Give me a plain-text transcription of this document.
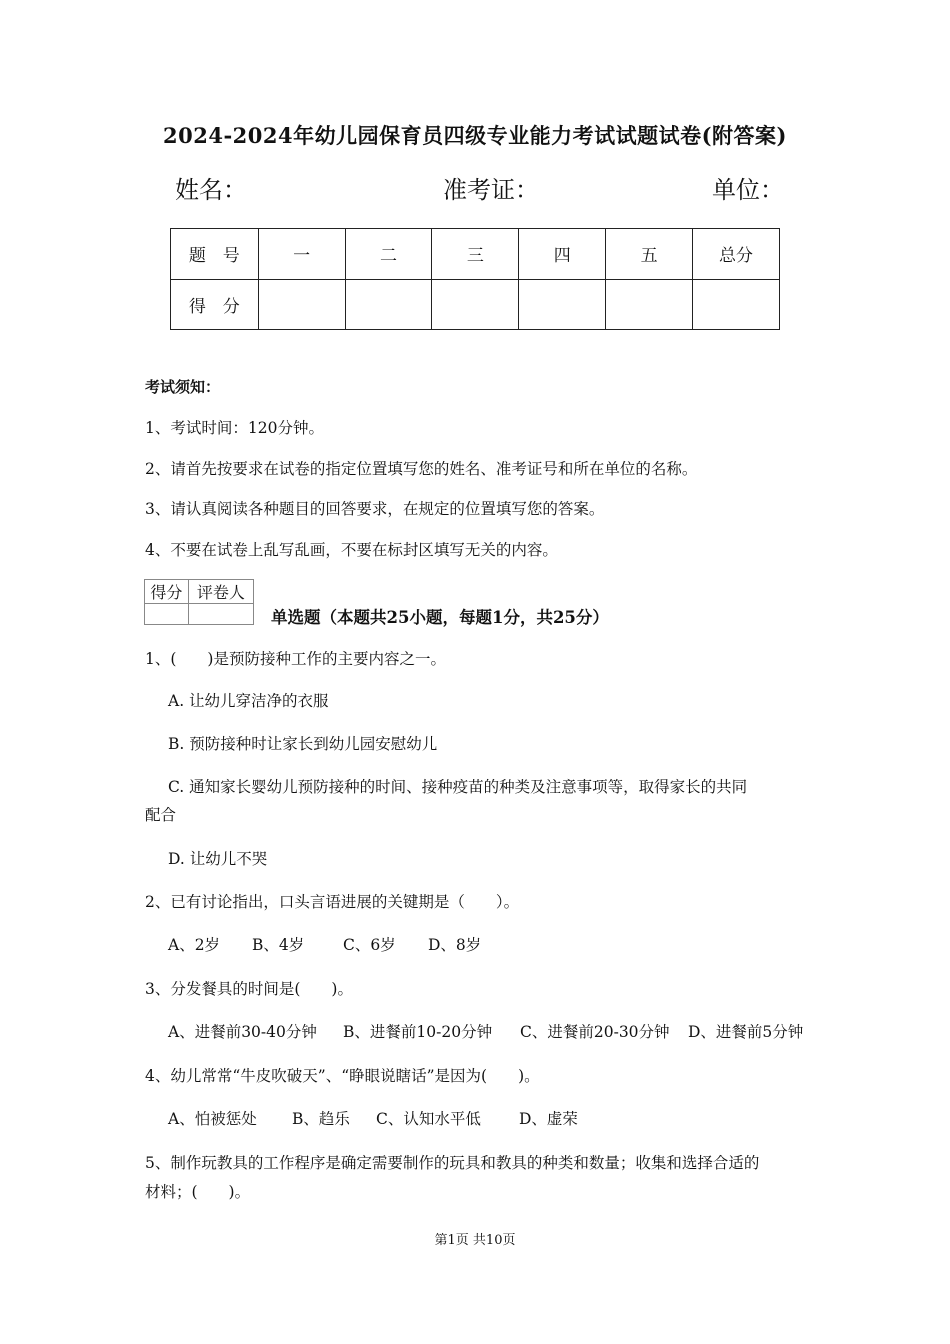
2024-2024年幼儿园保育员四级专业能力考试试题试卷(附答案)
姓名：	准考证：	单位：
题　号	一	二	三	四	五	总分
得　分						
考试须知：
1、考试时间：120分钟。
2、请首先按要求在试卷的指定位置填写您的姓名、准考证号和所在单位的名称。
3、请认真阅读各种题目的回答要求，在规定的位置填写您的答案。
4、不要在试卷上乱写乱画，不要在标封区填写无关的内容。
得分	评卷人

单选题（本题共25小题，每题1分，共25分）
1、(　　)是预防接种工作的主要内容之一。
A. 让幼儿穿洁净的衣服
B. 预防接种时让家长到幼儿园安慰幼儿
C. 通知家长婴幼儿预防接种的时间、接种疫苗的种类及注意事项等，取得家长的共同
配合
D. 让幼儿不哭
2、已有讨论指出，口头言语进展的关键期是（　　）。
A、2岁 B、4岁 C、6岁 D、8岁
3、分发餐具的时间是(　　)。
A、进餐前30-40分钟 B、进餐前10-20分钟 C、进餐前20-30分钟 D、进餐前5分钟
4、幼儿常常“牛皮吹破天”、“睁眼说瞎话”是因为(　　)。
A、怕被惩处 B、趋乐 C、认知水平低 D、虚荣
5、制作玩教具的工作程序是确定需要制作的玩具和教具的种类和数量；收集和选择合适的
材料；(　　)。
第1页 共10页
